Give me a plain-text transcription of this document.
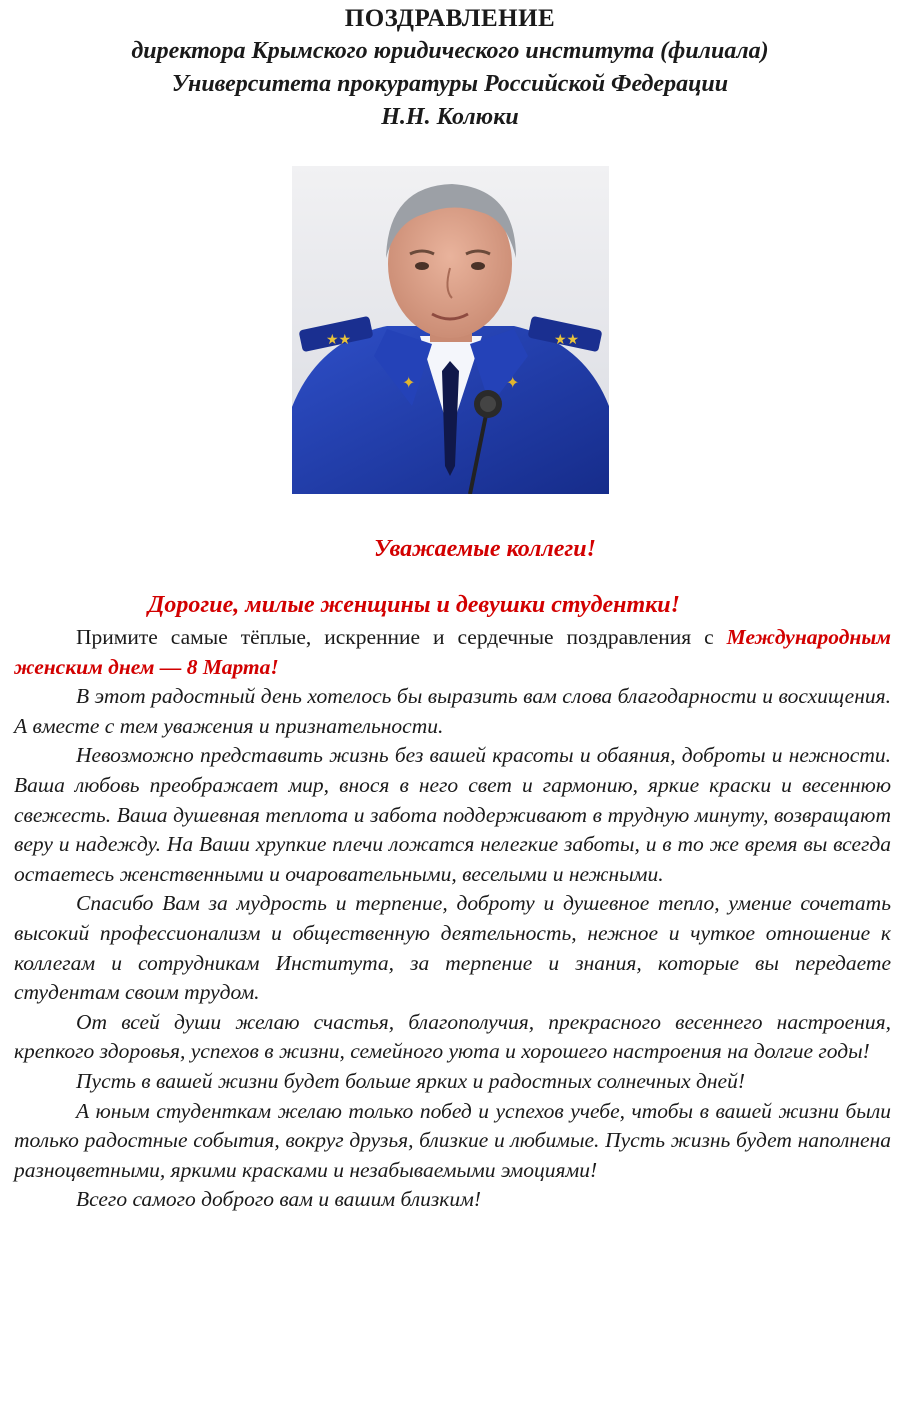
ПОЗДРАВЛЕНИЕ
директора Крымского юридического института (филиала)
Университета прокуратуры Российской Федерации
Н.Н. Колюки
★★	★★
✦	✦
Уважаемые коллеги!
Дорогие, милые женщины и девушки студентки!

Примите самые тёплые, искренние и сердечные поздравления с Международным женским днем — 8 Марта!

В этот радостный день хотелось бы выразить вам слова благодарности и восхищения. А вместе с тем уважения и признательности.

Невозможно представить жизнь без вашей красоты и обаяния, доброты и нежности. Ваша любовь преображает мир, внося в него свет и гармонию, яркие краски и весеннюю свежесть. Ваша душевная теплота и забота поддерживают в трудную минуту, возвращают веру и надежду. На Ваши хрупкие плечи ложатся нелегкие заботы, и в то же время вы всегда остаетесь женственными и очаровательными, веселыми и нежными.

Спасибо Вам за мудрость и терпение, доброту и душевное тепло, умение сочетать высокий профессионализм и общественную деятельность, нежное и чуткое отношение к коллегам и сотрудникам Института, за терпение и знания, которые вы передаете студентам своим трудом.

От всей души желаю счастья, благополучия, прекрасного весеннего настроения, крепкого здоровья, успехов в жизни, семейного уюта и хорошего настроения на долгие годы!

Пусть в вашей жизни будет больше ярких и радостных солнечных дней!

А юным студенткам желаю только побед и успехов учебе, чтобы в вашей жизни были только радостные события, вокруг друзья, близкие и любимые. Пусть жизнь будет наполнена разноцветными, яркими красками и незабываемыми эмоциями!

Всего самого доброго вам и вашим близким!
